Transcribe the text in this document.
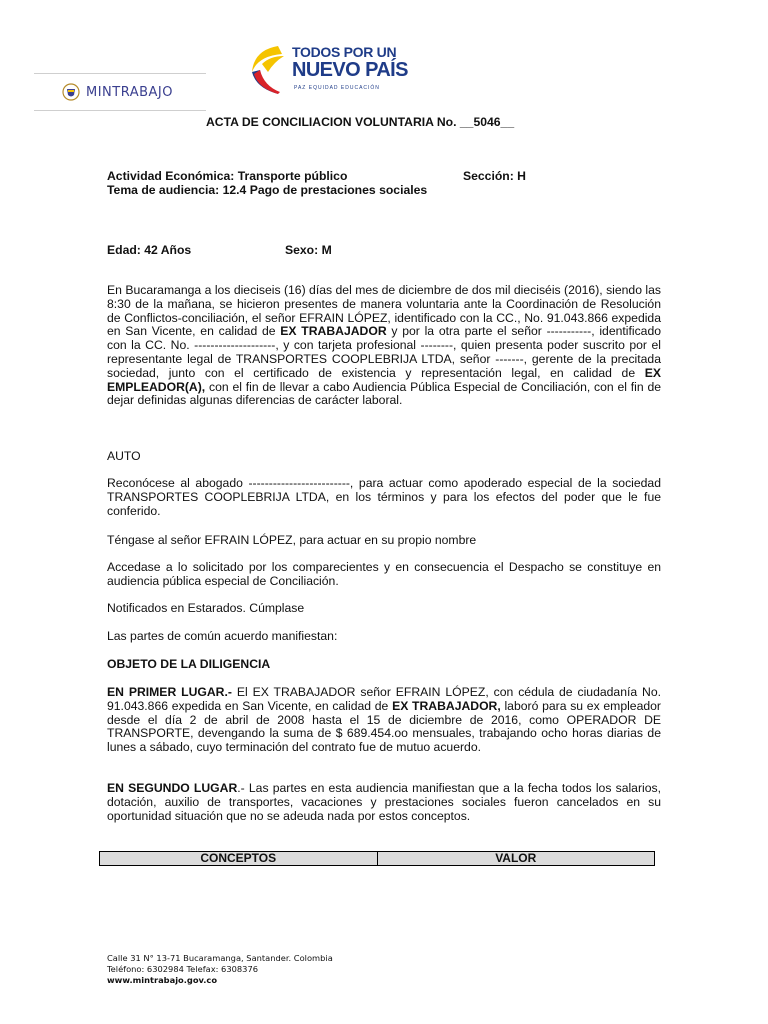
MINTRABAJO
TODOS POR UN
NUEVO PAÍS
PAZ EQUIDAD EDUCACIÓN
ACTA DE CONCILIACION VOLUNTARIA No. __5046__
Actividad Económica: Transporte público	Sección: H
Tema de audiencia: 12.4 Pago de prestaciones sociales
Edad: 42 Años	Sexo: M

En Bucaramanga a los dieciseis (16) días del mes de diciembre de dos mil dieciséis (2016), siendo las 8:30 de la mañana, se hicieron presentes de manera voluntaria ante la Coordinación de Resolución de Conflictos-conciliación, el señor EFRAIN LÓPEZ, identificado con la CC., No. 91.043.866 expedida en San Vicente, en calidad de EX TRABAJADOR y por la otra parte el señor -----------, identificado con la CC. No. --------------------, y con tarjeta profesional --------, quien presenta poder suscrito por el representante legal de TRANSPORTES COOPLEBRIJA LTDA, señor -------, gerente de la precitada sociedad, junto con el certificado de existencia y representación legal, en calidad de EX EMPLEADOR(A), con el fin de llevar a cabo Audiencia Pública Especial de Conciliación, con el fin de dejar definidas algunas diferencias de carácter laboral.

AUTO

Reconócese al abogado -------------------------, para actuar como apoderado especial de la sociedad TRANSPORTES COOPLEBRIJA LTDA, en los términos y para los efectos del poder que le fue conferido.

Téngase al señor EFRAIN LÓPEZ, para actuar en su propio nombre

Accedase a lo solicitado por los comparecientes y en consecuencia el Despacho se constituye en audiencia pública especial de Conciliación.

Notificados en Estarados. Cúmplase

Las partes de común acuerdo manifiestan:

OBJETO DE LA DILIGENCIA

EN PRIMER LUGAR.- El EX TRABAJADOR señor EFRAIN LÓPEZ, con cédula de ciudadanía No. 91.043.866 expedida en San Vicente, en calidad de EX TRABAJADOR, laboró para su ex empleador desde el día 2 de abril de 2008 hasta el 15 de diciembre de 2016, como OPERADOR DE TRANSPORTE, devengando la suma de $ 689.454.oo mensuales, trabajando ocho horas diarias de lunes a sábado, cuyo terminación del contrato fue de mutuo acuerdo.

EN SEGUNDO LUGAR.- Las partes en esta audiencia manifiestan que a la fecha todos los salarios, dotación, auxilio de transportes, vacaciones y prestaciones sociales fueron cancelados en su oportunidad situación que no se adeuda nada por estos conceptos.

CONCEPTOS	VALOR
Calle 31 N° 13-71 Bucaramanga, Santander. Colombia
Teléfono: 6302984 Telefax: 6308376
www.mintrabajo.gov.co
